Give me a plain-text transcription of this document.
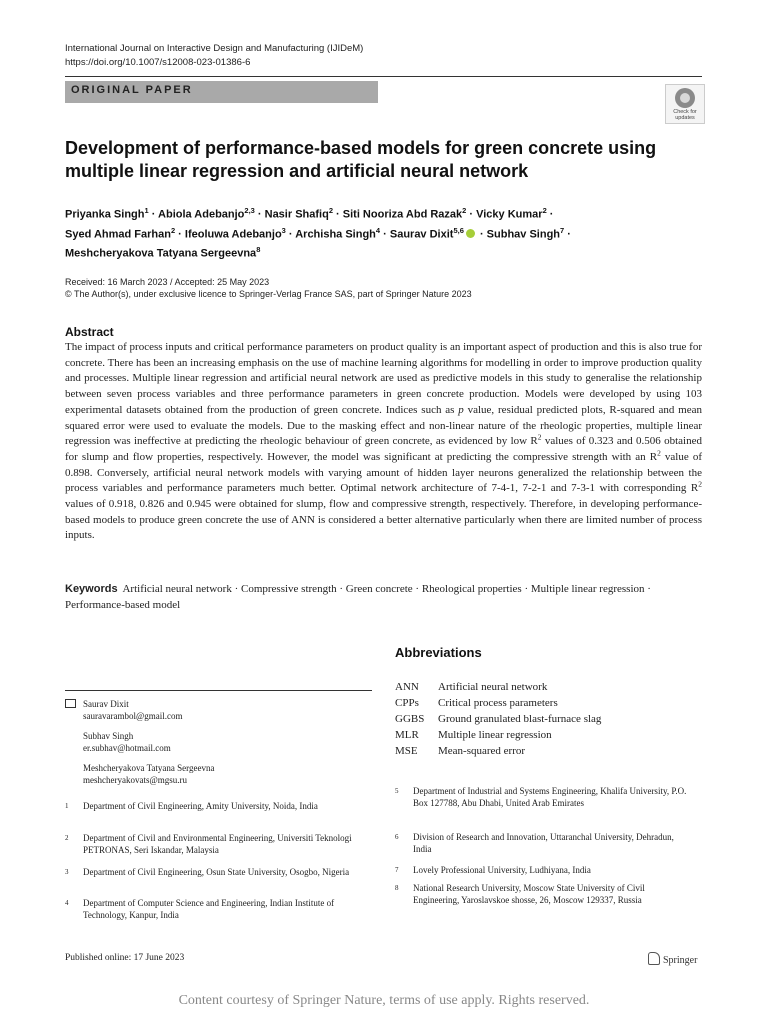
International Journal on Interactive Design and Manufacturing (IJIDeM)
https://doi.org/10.1007/s12008-023-01386-6
ORIGINAL PAPER
Check for
updates
Development of performance-based models for green concrete using multiple linear regression and artificial neural network
Priyanka Singh$^1$ · Abiola Adebanjo$^{2,3}$ · Nasir Shafiq$^2$ · Siti Nooriza Abd Razak$^2$ · Vicky Kumar$^2$ ·
Syed Ahmad Farhan$^2$ · Ifeoluwa Adebanjo$^3$ · Archisha Singh$^4$ · Saurav Dixit$^{5,6}$ · Subhav Singh$^7$ ·
Meshcheryakova Tatyana Sergeevna$^8$
Received: 16 March 2023 / Accepted: 25 May 2023
© The Author(s), under exclusive licence to Springer-Verlag France SAS, part of Springer Nature 2023
Abstract
The impact of process inputs and critical performance parameters on product quality is an important aspect of production and this is also true for concrete. There has been an increasing emphasis on the use of machine learning algorithms for modelling in order to improve production quality and processes. Multiple linear regression and artificial neural network are used as predictive models in this study to generalise the relationship between seven process variables and three performance parameters in green concrete production. Models were developed by using 103 experimental datasets obtained from the production of green concrete. Indices such as p value, residual predicted plots, R-squared and mean squared error were used to evaluate the models. Due to the masking effect and non-linear nature of the rheologic properties, multiple linear regression was ineffective at predicting the rheologic behaviour of green concrete, as evidenced by low $R^2$ values of 0.323 and 0.506 obtained for slump and flow properties, respectively. However, the model was significant at predicting the compressive strength with an $R^2$ value of 0.898. Conversely, artificial neural network models with varying amount of hidden layer neurons generalized the relationship between the process variables and performance parameters much better. Optimal network architecture of 7-4-1, 7-2-1 and 7-3-1 with corresponding $R^2$ values of 0.918, 0.826 and 0.945 were obtained for slump, flow and compressive strength, respectively. Therefore, in developing performance-based models to produce green concrete the use of ANN is considered a better alternative particularly when there are limited number of process inputs.
Keywords Artificial neural network · Compressive strength · Green concrete · Rheological properties · Multiple linear regression · Performance-based model
Abbreviations
ANN	Artificial neural network
CPPs	Critical process parameters
GGBS	Ground granulated blast-furnace slag
MLR	Multiple linear regression
MSE	Mean-squared error
Saurav Dixit
sauravarambol@gmail.com
Subhav Singh
er.subhav@hotmail.com
Meshcheryakova Tatyana Sergeevna
meshcheryakovats@mgsu.ru
1 Department of Civil Engineering, Amity University, Noida, India
2 Department of Civil and Environmental Engineering, Universiti Teknologi PETRONAS, Seri Iskandar, Malaysia
3 Department of Civil Engineering, Osun State University, Osogbo, Nigeria
4 Department of Computer Science and Engineering, Indian Institute of Technology, Kanpur, India
5 Department of Industrial and Systems Engineering, Khalifa University, P.O. Box 127788, Abu Dhabi, United Arab Emirates
6 Division of Research and Innovation, Uttaranchal University, Dehradun, India
7 Lovely Professional University, Ludhiyana, India
8 National Research University, Moscow State University of Civil Engineering, Yaroslavskoe shosse, 26, Moscow 129337, Russia
Published online: 17 June 2023	Springer
Content courtesy of Springer Nature, terms of use apply. Rights reserved.
